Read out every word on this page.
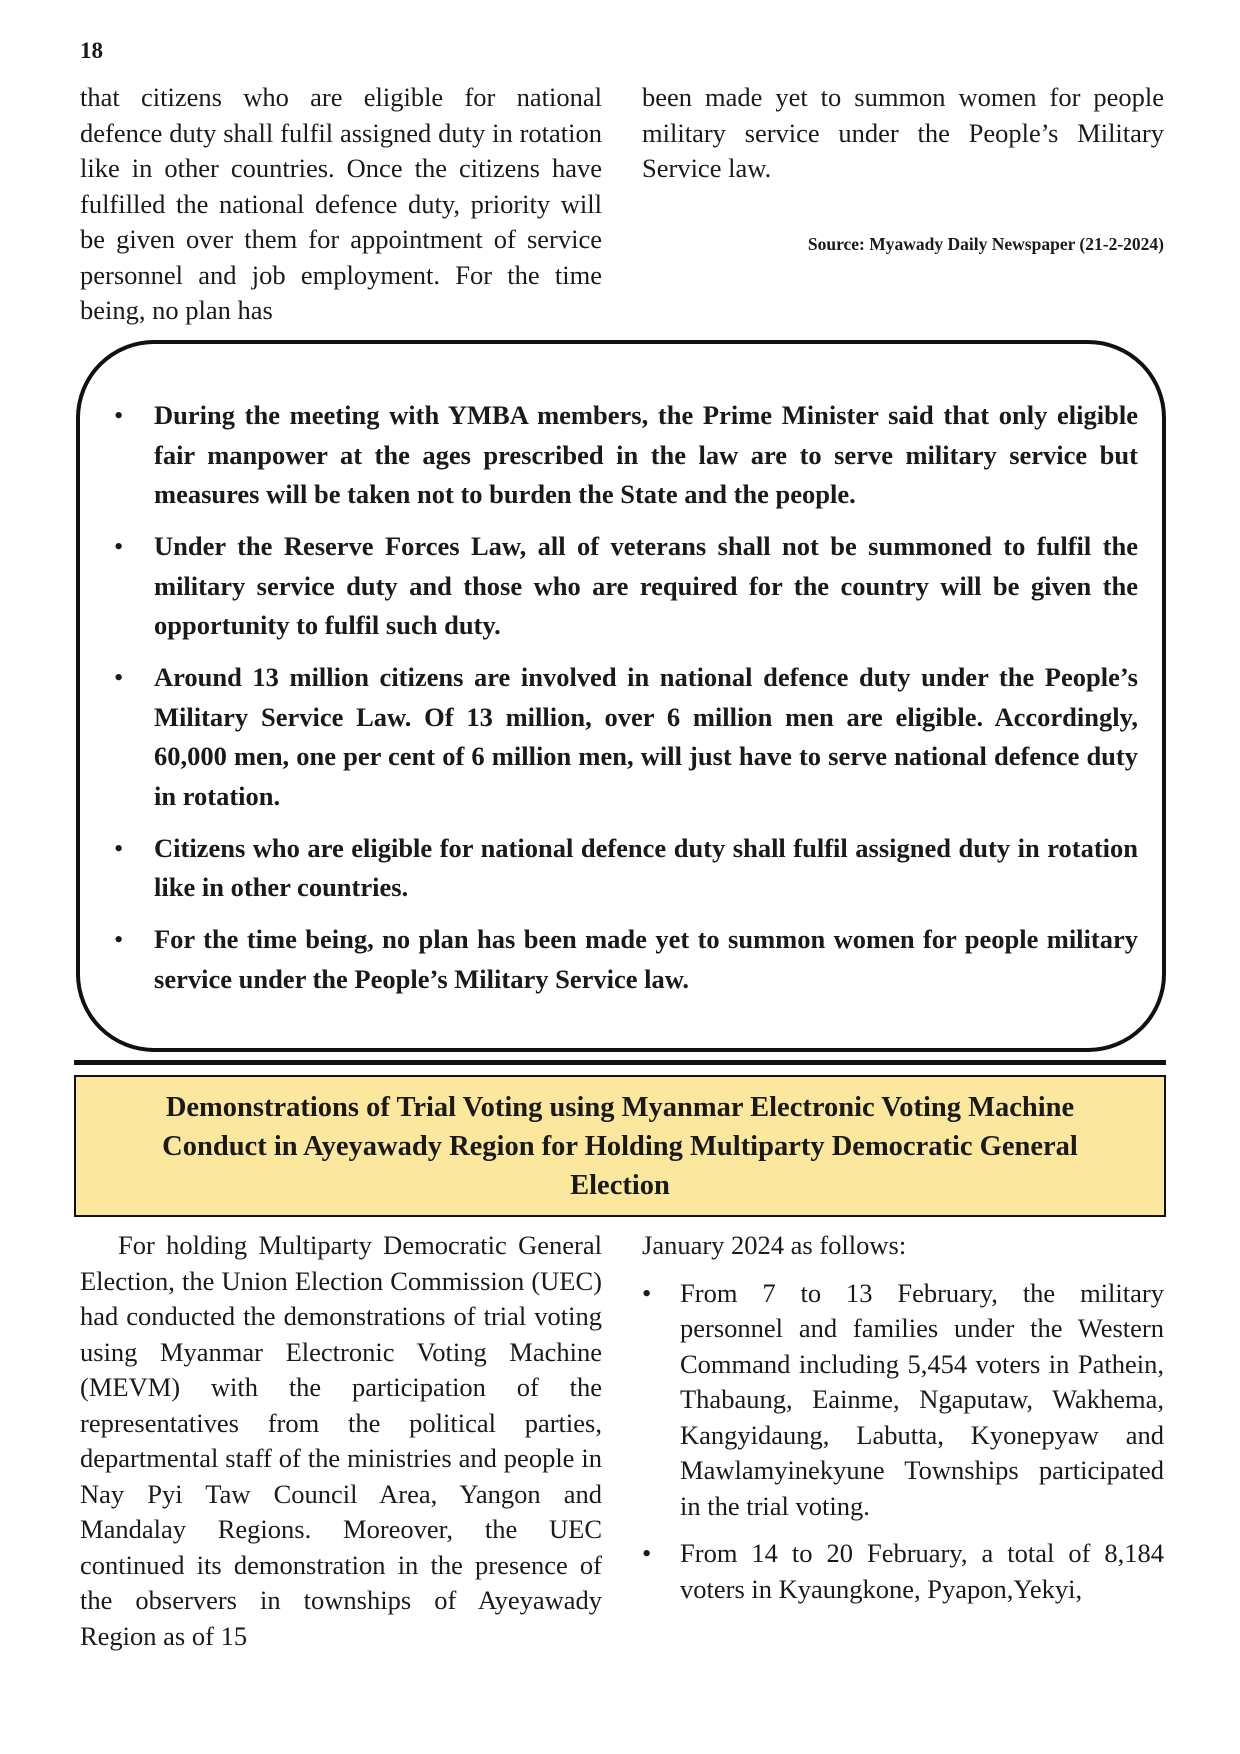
18

that citizens who are eligible for national defence duty shall fulfil assigned duty in rotation like in other countries. Once the citizens have fulfilled the national defence duty, priority will be given over them for appointment of service personnel and job employment. For the time being, no plan has

been made yet to summon women for people military service under the People’s Military Service law.

Source: Myawady Daily Newspaper (21-2-2024)
• During the meeting with YMBA members, the Prime Minister said that only eligible fair manpower at the ages prescribed in the law are to serve military service but measures will be taken not to burden the State and the people.
• Under the Reserve Forces Law, all of veterans shall not be summoned to fulfil the military service duty and those who are required for the country will be given the opportunity to fulfil such duty.
• Around 13 million citizens are involved in national defence duty under the People’s Military Service Law. Of 13 million, over 6 million men are eligible. Accordingly, 60,000 men, one per cent of 6 million men, will just have to serve national defence duty in rotation.
• Citizens who are eligible for national defence duty shall fulfil assigned duty in rotation like in other countries.
• For the time being, no plan has been made yet to summon women for people military service under the People’s Military Service law.
Demonstrations of Trial Voting using Myanmar Electronic Voting Machine Conduct in Ayeyawady Region for Holding Multiparty Democratic General Election

For holding Multiparty Democratic General Election, the Union Election Commission (UEC) had conducted the demonstrations of trial voting using Myanmar Electronic Voting Machine (MEVM) with the participation of the representatives from the political parties, departmental staff of the ministries and people in Nay Pyi Taw Council Area, Yangon and Mandalay Regions. Moreover, the UEC continued its demonstration in the presence of the observers in townships of Ayeyawady Region as of 15

January 2024 as follows:

• From 7 to 13 February, the military personnel and families under the Western Command including 5,454 voters in Pathein, Thabaung, Eainme, Ngaputaw, Wakhema, Kangyidaung, Labutta, Kyonepyaw and Mawlamyinekyune Townships participated in the trial voting.
• From 14 to 20 February, a total of 8,184 voters in Kyaungkone, Pyapon,Yekyi,
